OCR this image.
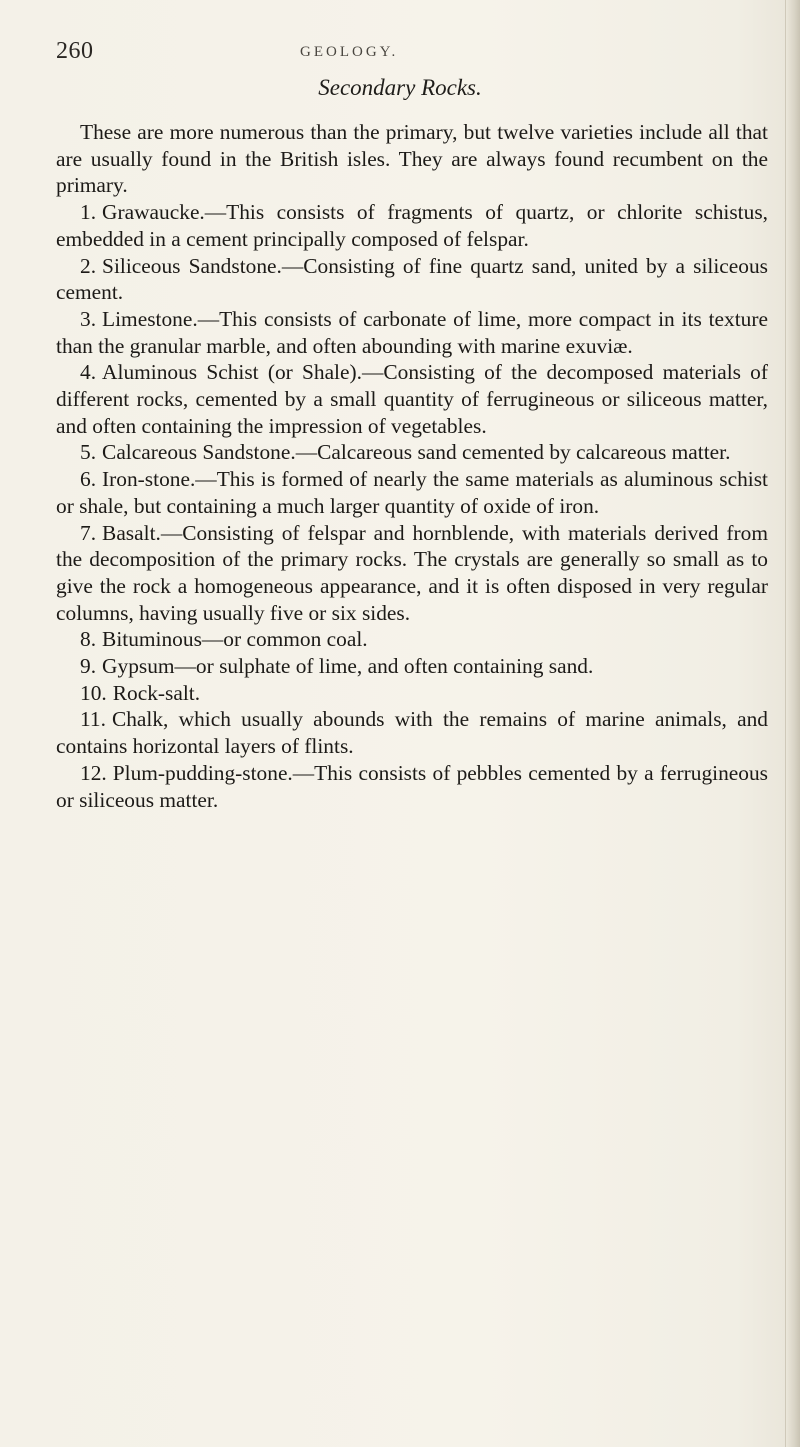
260	GEOLOGY.
Secondary Rocks.

These are more numerous than the primary, but twelve varieties include all that are usually found in the British isles. They are always found recumbent on the primary.

1. Grawaucke.—This consists of fragments of quartz, or chlorite schistus, embedded in a cement principally composed of felspar.

2. Siliceous Sandstone.—Consisting of fine quartz sand, united by a siliceous cement.

3. Limestone.—This consists of carbonate of lime, more compact in its texture than the granular marble, and often abounding with marine exuviæ.

4. Aluminous Schist (or Shale).—Consisting of the decomposed materials of different rocks, cemented by a small quantity of ferrugineous or siliceous matter, and often containing the impression of vegetables.

5. Calcareous Sandstone.—Calcareous sand cemented by calcareous matter.

6. Iron-stone.—This is formed of nearly the same materials as aluminous schist or shale, but containing a much larger quantity of oxide of iron.

7. Basalt.—Consisting of felspar and hornblende, with materials derived from the decomposition of the primary rocks. The crystals are generally so small as to give the rock a homogeneous appearance, and it is often disposed in very regular columns, having usually five or six sides.

8. Bituminous—or common coal.

9. Gypsum—or sulphate of lime, and often containing sand.

10. Rock-salt.

11. Chalk, which usually abounds with the remains of marine animals, and contains horizontal layers of flints.

12. Plum-pudding-stone.—This consists of pebbles cemented by a ferrugineous or siliceous matter.
